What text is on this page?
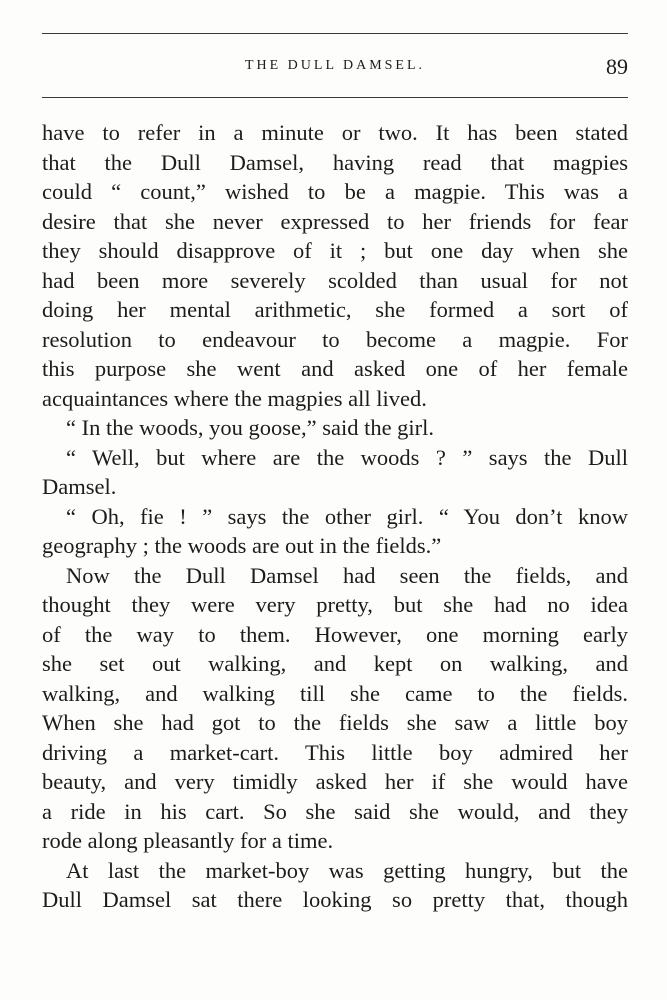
THE DULL DAMSEL.	89
have to refer in a minute or two. It has been stated
that the Dull Damsel, having read that magpies
could “ count,” wished to be a magpie. This was a
desire that she never expressed to her friends for fear
they should disapprove of it ; but one day when she
had been more severely scolded than usual for not
doing her mental arithmetic, she formed a sort of
resolution to endeavour to become a magpie. For
this purpose she went and asked one of her female
acquaintances where the magpies all lived.
“ In the woods, you goose,” said the girl.
“ Well, but where are the woods ? ” says the Dull
Damsel.
“ Oh, fie ! ” says the other girl. “ You don’t know
geography ; the woods are out in the fields.”
Now the Dull Damsel had seen the fields, and
thought they were very pretty, but she had no idea
of the way to them. However, one morning early
she set out walking, and kept on walking, and
walking, and walking till she came to the fields.
When she had got to the fields she saw a little boy
driving a market-cart. This little boy admired her
beauty, and very timidly asked her if she would have
a ride in his cart. So she said she would, and they
rode along pleasantly for a time.
At last the market-boy was getting hungry, but the
Dull Damsel sat there looking so pretty that, though
